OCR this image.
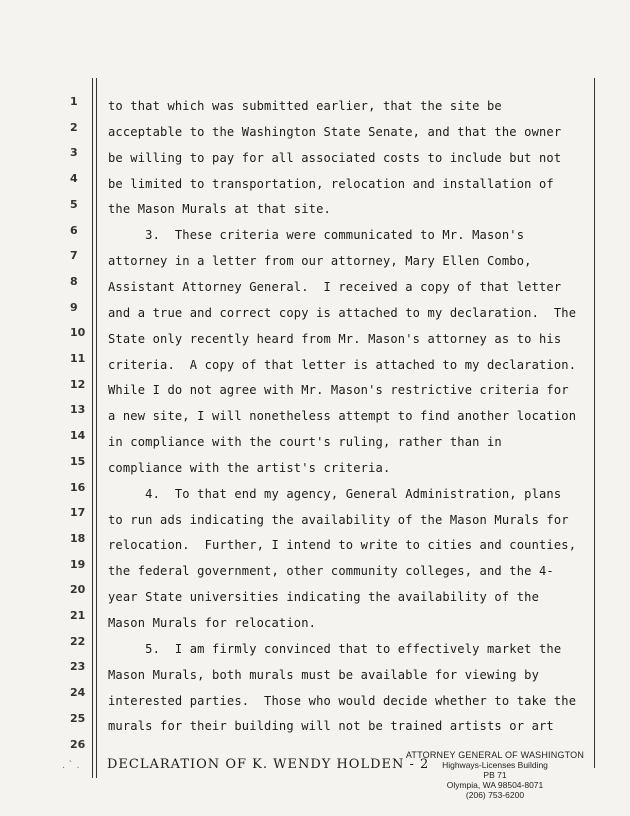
1
2
3
4
5
6
7
8
9
10
11
12
13
14
15
16
17
18
19
20
21
22
23
24
25
26
to that which was submitted earlier, that the site be
acceptable to the Washington State Senate, and that the owner
be willing to pay for all associated costs to include but not
be limited to transportation, relocation and installation of
the Mason Murals at that site.
3.  These criteria were communicated to Mr. Mason's
attorney in a letter from our attorney, Mary Ellen Combo,
Assistant Attorney General.  I received a copy of that letter
and a true and correct copy is attached to my declaration.  The
State only recently heard from Mr. Mason's attorney as to his
criteria.  A copy of that letter is attached to my declaration.
While I do not agree with Mr. Mason's restrictive criteria for
a new site, I will nonetheless attempt to find another location
in compliance with the court's ruling, rather than in
compliance with the artist's criteria.
4.  To that end my agency, General Administration, plans
to run ads indicating the availability of the Mason Murals for
relocation.  Further, I intend to write to cities and counties,
the federal government, other community colleges, and the 4-
year State universities indicating the availability of the
Mason Murals for relocation.
5.  I am firmly convinced that to effectively market the
Mason Murals, both murals must be available for viewing by
interested parties.  Those who would decide whether to take the
murals for their building will not be trained artists or art
. ` . DECLARATION OF K. WENDY HOLDEN - 2
ATTORNEY GENERAL OF WASHINGTON
Highways-Licenses Building
PB 71
Olympia, WA 98504-8071
(206) 753-6200
